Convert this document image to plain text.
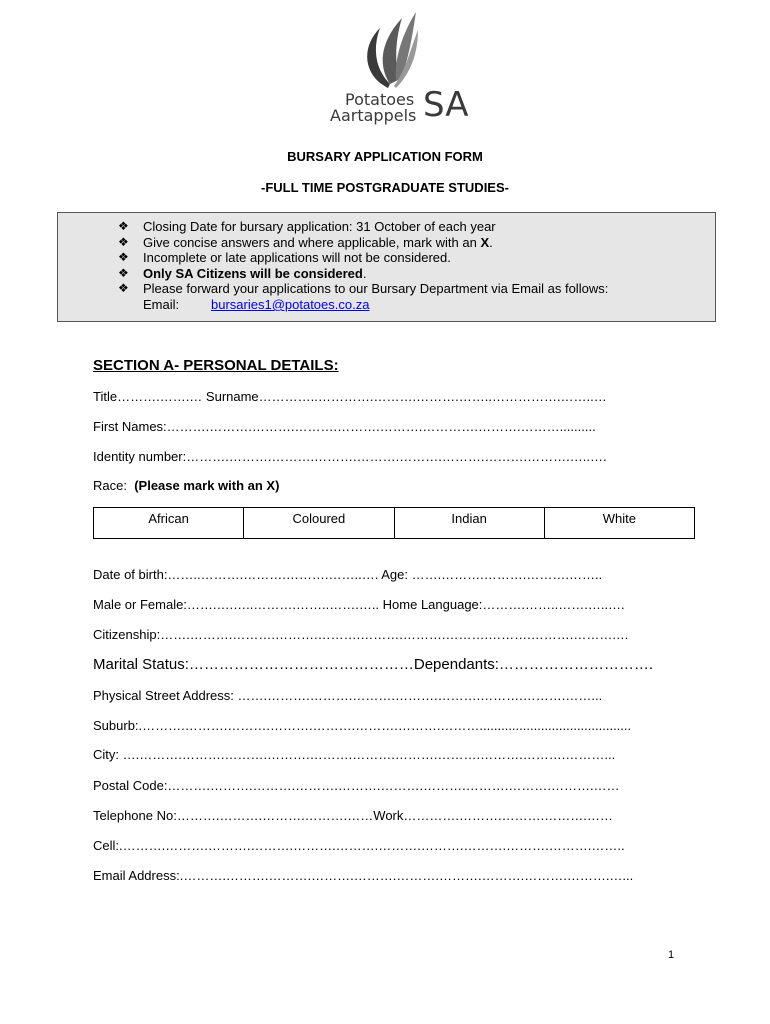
Potatoes
Aartappels SA
BURSARY APPLICATION FORM
-FULL TIME POSTGRADUATE STUDIES-
❖ Closing Date for bursary application: 31 October of each year
❖ Give concise answers and where applicable, mark with an X.
❖ Incomplete or late applications will not be considered.
❖ Only SA Citizens will be considered.
❖ Please forward your applications to our Bursary Department via Email as follows:
Email: bursaries1@potatoes.co.za
SECTION A- PERSONAL DETAILS:
Title……….…….… Surname…………..………….……….……….……..…………….……..…
First Names:……….……….……….……….……….……….………….……….………..........
Identity number:……….……….……….……….……….……….……….……….……….…..….
Race: (Please mark with an X)
African	Coloured	Indian	White
Date of birth:……..……….……….……….……..…. Age: …….……….……….……….……..
Male or Female:…….….…..……….……..…….….. Home Language:……….……..…….…..….
Citizenship:…….……….……….……….……….……….……….……….……….……….……….…
Marital Status:………………………………………Dependants:………………………….
Physical Street Address: …….……….……….……….……….……….……….……….……...
Suburb:.……….……….……….……….……….……….……….………..........................................
City: ….……….……….……….……….……….……….……….……….……….……….………...
Postal Code:……….……….……….……….……….……….……….……….……….……….……
Telephone No:……….……….……….……….……Work………….……….……….……….……
Cell:.……….……….……….……….……….……….……….……….……….……….……….……..
Email Address:.……….……….……….……….……….……….……….……….……….……….…...
1
